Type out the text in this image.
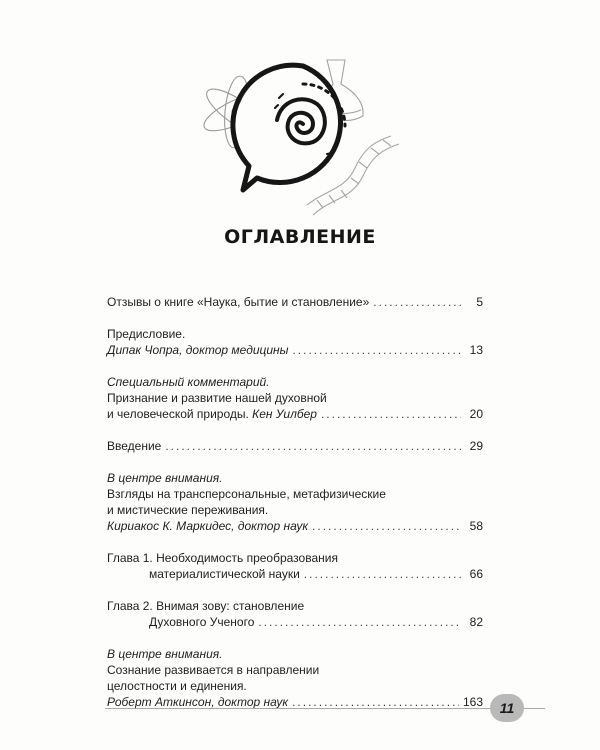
ОГЛАВЛЕНИЕ
Отзывы о книге «Наука, бытие и становление» .....	5
Предисловие.
Дипак Чопра, доктор медицины .....	13
Специальный комментарий.
Признание и развитие нашей духовной
и человеческой природы. Кен Уилбер .....	20
Введение .....	29
В центре внимания.
Взгляды на трансперсональные, метафизические
и мистические переживания.
Кириакос К. Маркидес, доктор наук .....	58
Глава 1. Необходимость преобразования
материалистической науки .....	66
Глава 2. Внимая зову: становление
Духовного Ученого .....	82
В центре внимания.
Сознание развивается в направлении
целостности и единения.
Роберт Аткинсон, доктор наук .....	163	11
